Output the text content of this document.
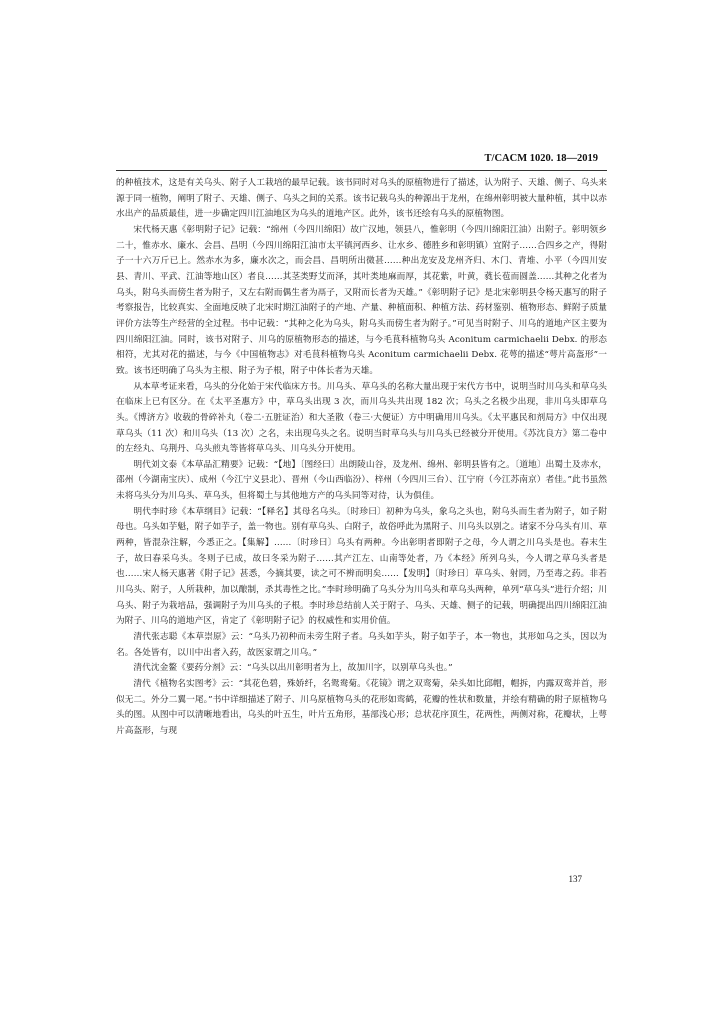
T/CACM 1020. 18—2019

的种植技术，这是有关乌头、附子人工栽培的最早记载。该书同时对乌头的原植物进行了描述，认为附子、天雄、侧子、乌头来源于同一植物，阐明了附子、天雄、侧子、乌头之间的关系。该书记载乌头的种源出于龙州，在绵州彰明被大量种植，其中以赤水出产的品质最佳，进一步确定四川江油地区为乌头的道地产区。此外，该书还绘有乌头的原植物图。

宋代杨天惠《彰明附子记》记载：“绵州（今四川绵阳）故广汉地，领县八，惟彰明（今四川绵阳江油）出附子。彰明领乡二十，惟赤水、廉水、会昌、昌明（今四川绵阳江油市太平镇河西乡、让水乡、德胜乡和彰明镇）宜附子……合四乡之产，得附子一十六万斤已上。然赤水为多，廉水次之，而会昌、昌明所出微甚……种出龙安及龙州齐归、木门、青堆、小平（今四川安县、青川、平武、江油等地山区）者良……其茎类野艾而泽，其叶类地麻而厚，其花紫，叶黄，蕤长苞而圆盖……其种之化者为乌头，附乌头而傍生者为附子，又左右附而偶生者为鬲子，又附而长者为天雄。”《彰明附子记》是北宋彰明县令杨天惠写的附子考察报告，比较真实、全面地反映了北宋时期江油附子的产地、产量、种植面积、种植方法、药材鉴别、植物形态、鲜附子质量评价方法等生产经营的全过程。书中记载：“其种之化为乌头，附乌头而傍生者为附子。”可见当时附子、川乌的道地产区主要为四川绵阳江油。同时，该书对附子、川乌的原植物形态的描述，与今毛茛科植物乌头 Aconitum carmichaelii Debx. 的形态相符，尤其对花的描述，与今《中国植物志》对毛茛科植物乌头 Aconitum carmichaelii Debx. 花萼的描述“萼片高盔形”一致。该书还明确了乌头为主根、附子为子根，附子中体长者为天雄。

从本草考证来看，乌头的分化始于宋代临床方书。川乌头、草乌头的名称大量出现于宋代方书中，说明当时川乌头和草乌头在临床上已有区分。在《太平圣惠方》中，草乌头出现 3 次，而川乌头共出现 182 次；乌头之名极少出现，非川乌头即草乌头。《博济方》收载的骨碎补丸（卷二·五脏证治）和大圣散（卷三·大便证）方中明确用川乌头。《太平惠民和剂局方》中仅出现草乌头（11 次）和川乌头（13 次）之名，未出现乌头之名。说明当时草乌头与川乌头已经被分开使用。《苏沈良方》第二卷中的左经丸、乌荆丹、乌头煎丸等皆将草乌头、川乌头分开使用。

明代刘文泰《本草品汇精要》记载：“【地】〔图经曰〕出朗陵山谷，及龙州、绵州、彰明县皆有之。〔道地〕出蜀土及赤水，邵州（今湖南宝庆）、成州（今江宁义县北）、晋州（今山西临汾）、梓州（今四川三台）、江宁府（今江苏南京）者佳。”此书虽然未将乌头分为川乌头、草乌头，但将蜀土与其他地方产的乌头同等对待，认为俱佳。

明代李时珍《本草纲目》记载：“【释名】其母名乌头。〔时珍曰〕初种为乌头，象乌之头也，附乌头而生者为附子，如子附母也。乌头如芋魁，附子如芋子，盖一物也。别有草乌头、白附子，故俗呼此为黑附子、川乌头以别之。诸家不分乌头有川、草两种，皆混杂注解，今悉正之。【集解】……〔时珍曰〕乌头有两种。今出彰明者即附子之母，今人谓之川乌头是也。春末生子，故曰春采乌头。冬则子已成，故曰冬采为附子……其产江左、山南等处者，乃《本经》所列乌头，今人谓之草乌头者是也……宋人杨天惠著《附子记》甚悉，今摘其要，读之可不辨而明矣……【发明】〔时珍曰〕草乌头、射罔，乃至毒之药。非若川乌头、附子，人所栽种，加以酿制，杀其毒性之比。”李时珍明确了乌头分为川乌头和草乌头两种，单列“草乌头”进行介绍；川乌头、附子为栽培品，强调附子为川乌头的子根。李时珍总结前人关于附子、乌头、天雄、侧子的记载，明确提出四川绵阳江油为附子、川乌的道地产区，肯定了《彰明附子记》的权威性和实用价值。

清代张志聪《本草崇原》云：“乌头乃初种而未旁生附子者。乌头如芋头，附子如芋子，本一物也，其形如乌之头，因以为名。各处皆有，以川中出者入药，故医家谓之川乌。”

清代沈金鳌《要药分剂》云：“乌头以出川彰明者为上，故加川字，以别草乌头也。”

清代《植物名实图考》云：“其花色碧，殊娇纤，名鸳鸯菊。《花镜》谓之双鸾菊，朵头如比邱帽，帽拆，内露双鸾并首，形似无二。外分二翼一尾。”书中详细描述了附子、川乌原植物乌头的花形如鸾鹤，花瓣的性状和数量，并绘有精确的附子原植物乌头的图。从图中可以清晰地看出，乌头的叶五生，叶片五角形，基部浅心形；总状花序顶生，花两性，两侧对称，花瓣状，上萼片高盔形，与现

137
